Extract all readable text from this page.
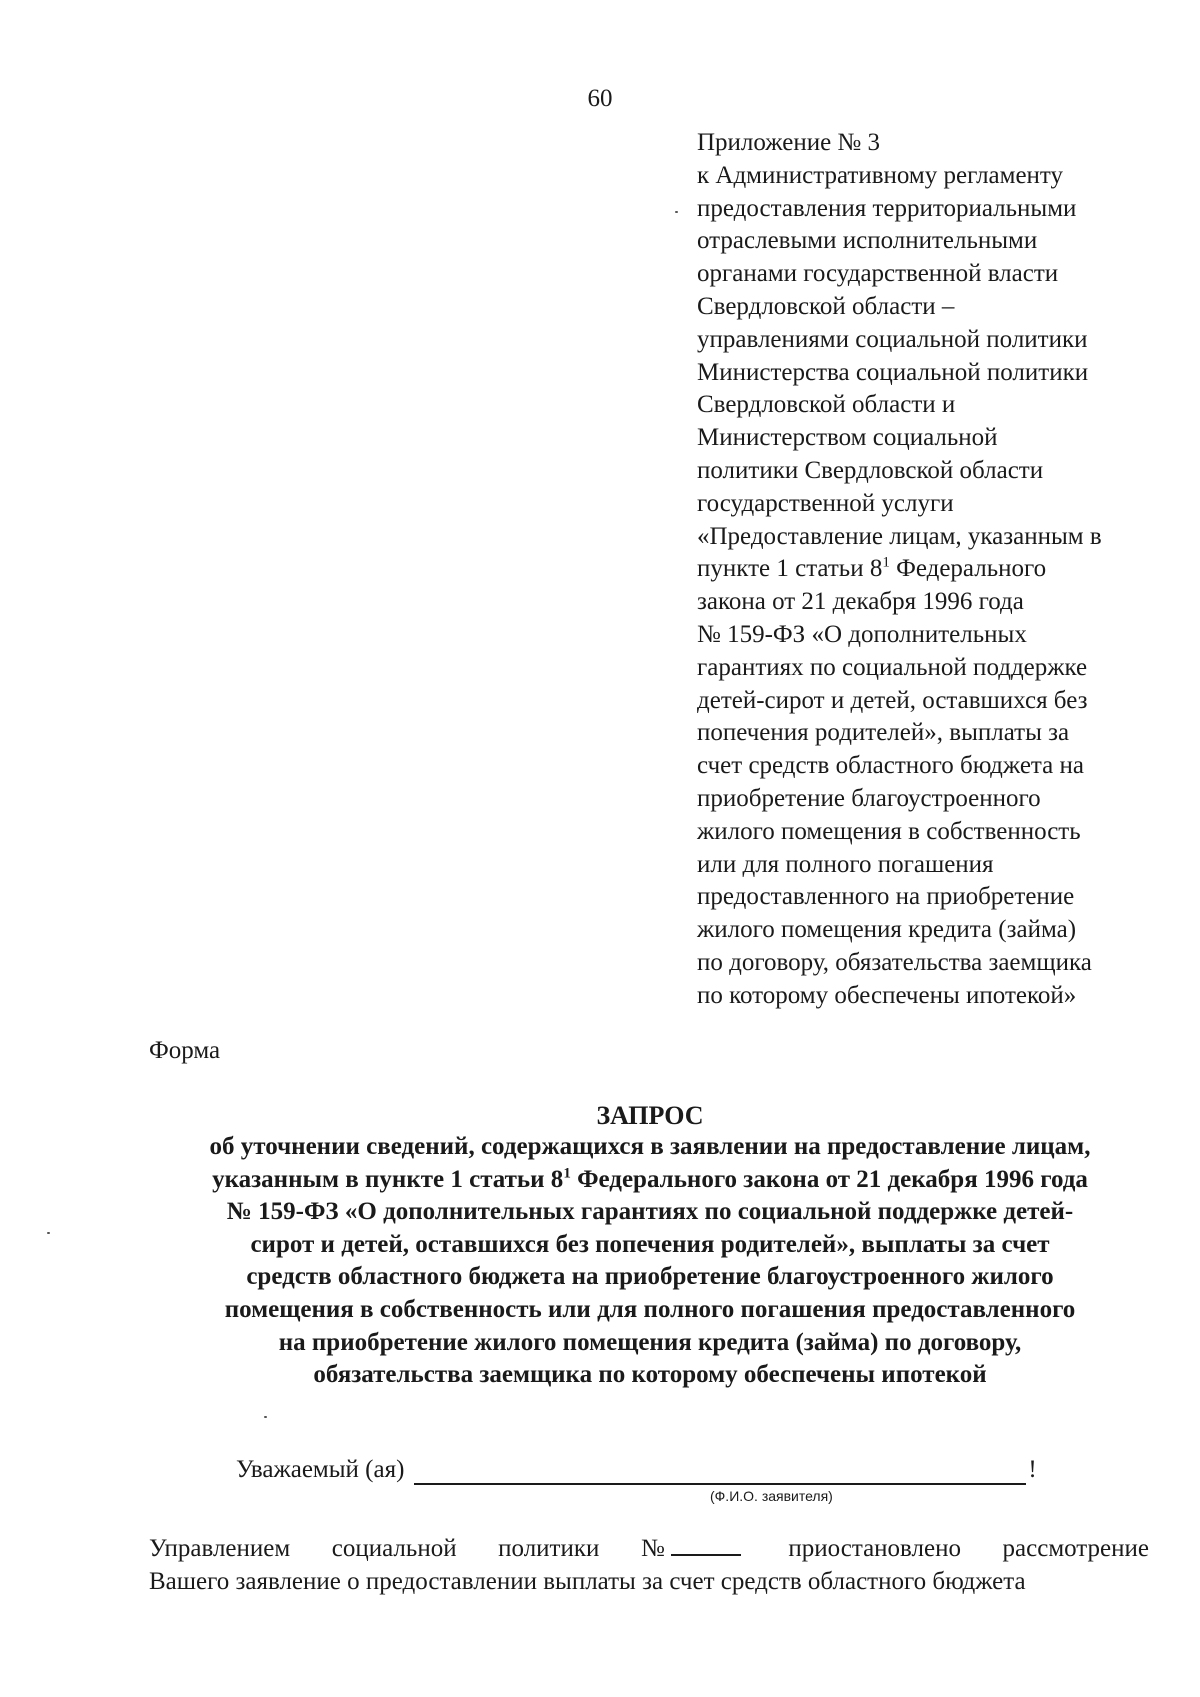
60
Приложение № 3
к Административному регламенту
предоставления территориальными
отраслевыми исполнительными
органами государственной власти
Свердловской области –
управлениями социальной политики
Министерства социальной политики
Свердловской области и
Министерством социальной
политики Свердловской области
государственной услуги
«Предоставление лицам, указанным в
пункте 1 статьи $8^1$ Федерального
закона от 21 декабря 1996 года
№ 159-ФЗ «О дополнительных
гарантиях по социальной поддержке
детей-сирот и детей, оставшихся без
попечения родителей», выплаты за
счет средств областного бюджета на
приобретение благоустроенного
жилого помещения в собственность
или для полного погашения
предоставленного на приобретение
жилого помещения кредита (займа)
по договору, обязательства заемщика
по которому обеспечены ипотекой»
Форма
ЗАПРОС
об уточнении сведений, содержащихся в заявлении на предоставление лицам,
указанным в пункте 1 статьи $8^1$ Федерального закона от 21 декабря 1996 года
№ 159-ФЗ «О дополнительных гарантиях по социальной поддержке детей-
сирот и детей, оставшихся без попечения родителей», выплаты за счет
средств областного бюджета на приобретение благоустроенного жилого
помещения в собственность или для полного погашения предоставленного
на приобретение жилого помещения кредита (займа) по договору,
обязательства заемщика по которому обеспечены ипотекой
Уважаемый (ая)	!
(Ф.И.О. заявителя)
Управлением социальной политики №	приостановлено рассмотрение
Вашего заявление о предоставлении выплаты за счет средств областного бюджета
